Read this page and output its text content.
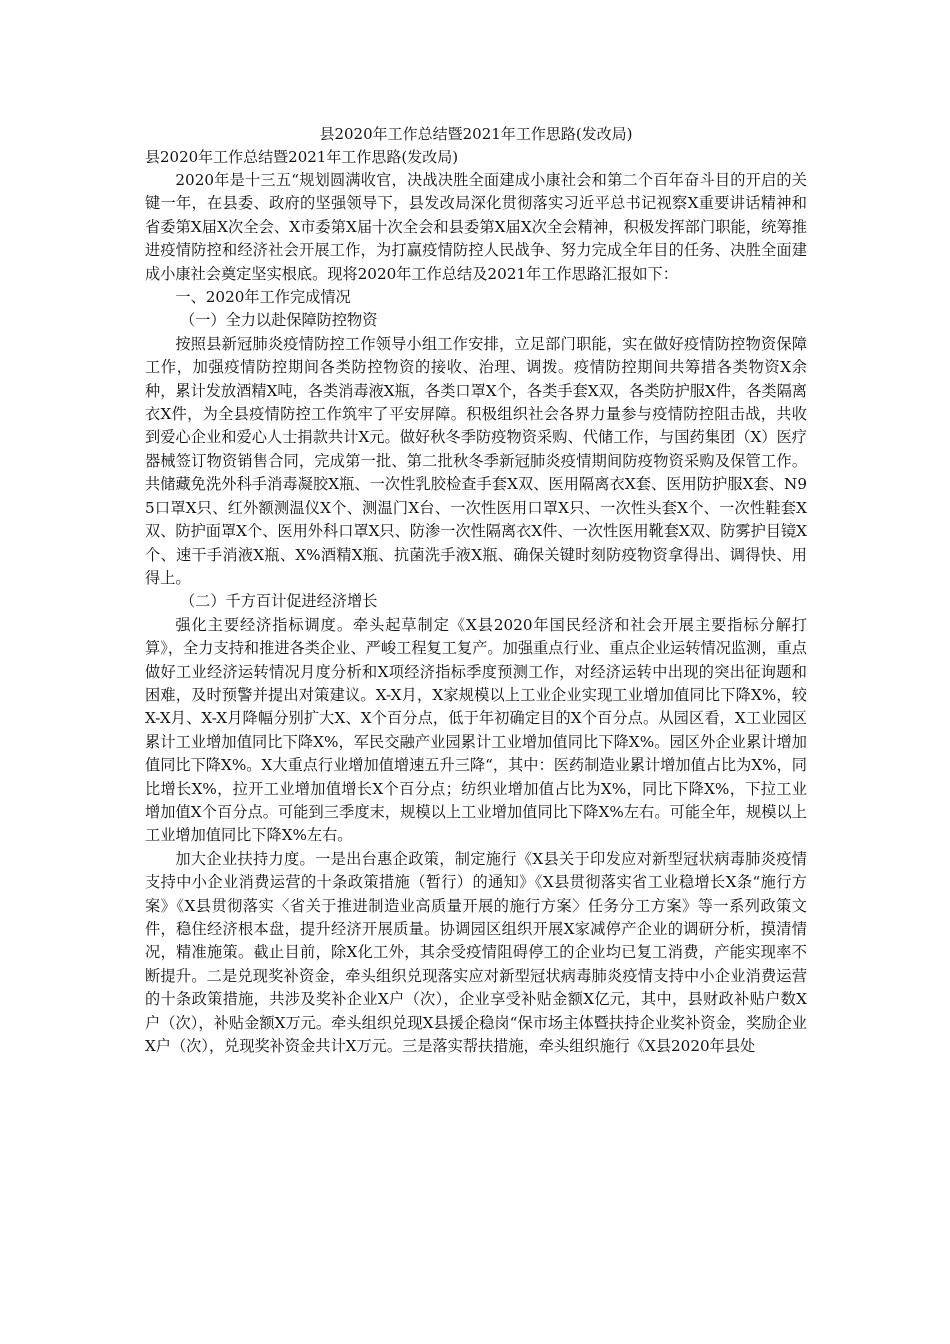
县2020年工作总结暨2021年工作思路(发改局)

县2020年工作总结暨2021年工作思路(发改局)

2020年是十三五“规划圆满收官，决战决胜全面建成小康社会和第二个百年奋斗目的开启的关键一年，在县委、政府的坚强领导下，县发改局深化贯彻落实习近平总书记视察X重要讲话精神和省委第X届X次全会、X市委第X届十次全会和县委第X届X次全会精神，积极发挥部门职能，统筹推进疫情防控和经济社会开展工作，为打赢疫情防控人民战争、努力完成全年目的任务、决胜全面建成小康社会奠定坚实根底。现将2020年工作总结及2021年工作思路汇报如下：

一、2020年工作完成情况

（一）全力以赴保障防控物资

按照县新冠肺炎疫情防控工作领导小组工作安排，立足部门职能，实在做好疫情防控物资保障工作，加强疫情防控期间各类防控物资的接收、治理、调拨。疫情防控期间共筹措各类物资X余种，累计发放酒精X吨，各类消毒液X瓶，各类口罩X个，各类手套X双，各类防护服X件，各类隔离衣X件，为全县疫情防控工作筑牢了平安屏障。积极组织社会各界力量参与疫情防控阻击战，共收到爱心企业和爱心人士捐款共计X元。做好秋冬季防疫物资采购、代储工作，与国药集团（X）医疗器械签订物资销售合同，完成第一批、第二批秋冬季新冠肺炎疫情期间防疫物资采购及保管工作。共储藏免洗外科手消毒凝胶X瓶、一次性乳胶检查手套X双、医用隔离衣X套、医用防护服X套、N95口罩X只、红外额测温仪X个、测温门X台、一次性医用口罩X只、一次性头套X个、一次性鞋套X双、防护面罩X个、医用外科口罩X只、防渗一次性隔离衣X件、一次性医用靴套X双、防雾护目镜X个、速干手消液X瓶、X%酒精X瓶、抗菌洗手液X瓶、确保关键时刻防疫物资拿得出、调得快、用得上。

（二）千方百计促进经济增长

强化主要经济指标调度。牵头起草制定《X县2020年国民经济和社会开展主要指标分解打算》，全力支持和推进各类企业、严峻工程复工复产。加强重点行业、重点企业运转情况监测，重点做好工业经济运转情况月度分析和X项经济指标季度预测工作，对经济运转中出现的突出征询题和困难，及时预警并提出对策建议。X-X月，X家规模以上工业企业实现工业增加值同比下降X%，较X-X月、X-X月降幅分别扩大X、X个百分点，低于年初确定目的X个百分点。从园区看，X工业园区累计工业增加值同比下降X%，军民交融产业园累计工业增加值同比下降X%。园区外企业累计增加值同比下降X%。X大重点行业增加值增速五升三降“，其中：医药制造业累计增加值占比为X%，同比增长X%，拉开工业增加值增长X个百分点；纺织业增加值占比为X%，同比下降X%，下拉工业增加值X个百分点。可能到三季度末，规模以上工业增加值同比下降X%左右。可能全年，规模以上工业增加值同比下降X%左右。

加大企业扶持力度。一是出台惠企政策，制定施行《X县关于印发应对新型冠状病毒肺炎疫情支持中小企业消费运营的十条政策措施（暂行）的通知》《X县贯彻落实省工业稳增长X条“施行方案》《X县贯彻落实〈省关于推进制造业高质量开展的施行方案〉任务分工方案》等一系列政策文件，稳住经济根本盘，提升经济开展质量。协调园区组织开展X家减停产企业的调研分析，摸清情况，精准施策。截止目前，除X化工外，其余受疫情阻碍停工的企业均已复工消费，产能实现率不断提升。二是兑现奖补资金，牵头组织兑现落实应对新型冠状病毒肺炎疫情支持中小企业消费运营的十条政策措施，共涉及奖补企业X户（次），企业享受补贴金额X亿元，其中，县财政补贴户数X户（次），补贴金额X万元。牵头组织兑现X县援企稳岗“保市场主体暨扶持企业奖补资金，奖励企业X户（次），兑现奖补资金共计X万元。三是落实帮扶措施，牵头组织施行《X县2020年县处
